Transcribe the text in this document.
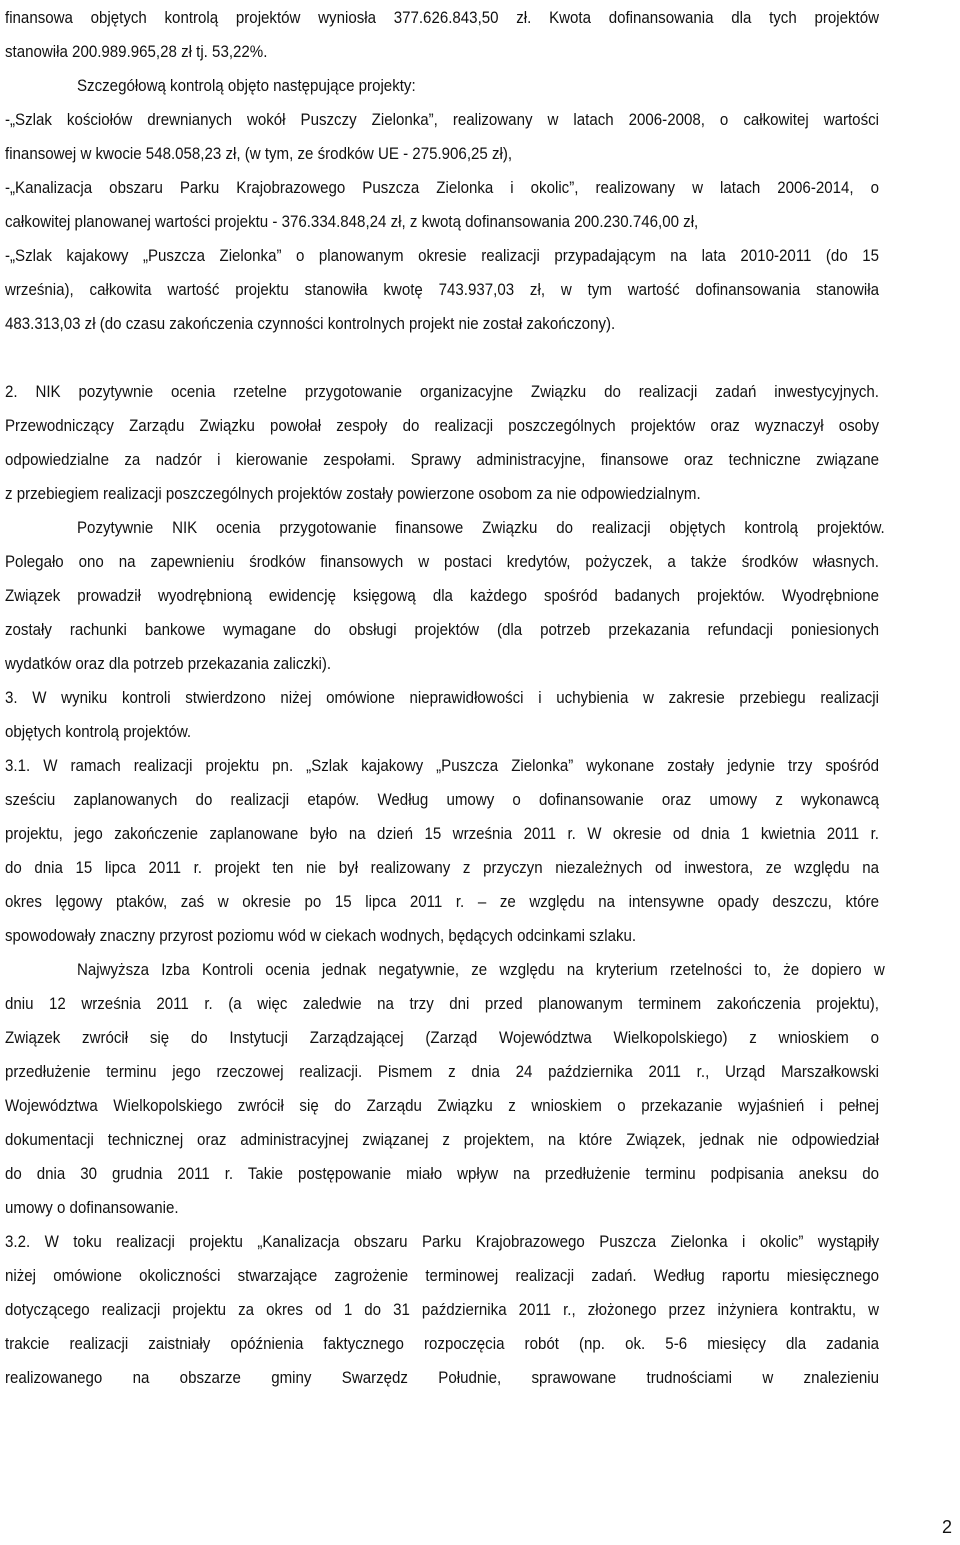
finansowa objętych kontrolą projektów wyniosła 377.626.843,50 zł. Kwota dofinansowania dla tych projektów
stanowiła 200.989.965,28 zł tj. 53,22%.
Szczegółową kontrolą objęto następujące projekty:
-„Szlak kościołów drewnianych wokół Puszczy Zielonka”, realizowany w latach 2006-2008, o całkowitej wartości
finansowej w kwocie 548.058,23 zł, (w tym, ze środków UE - 275.906,25 zł),
-„Kanalizacja obszaru Parku Krajobrazowego Puszcza Zielonka i okolic”, realizowany w latach 2006-2014, o
całkowitej planowanej wartości projektu - 376.334.848,24 zł, z kwotą dofinansowania 200.230.746,00 zł,
-„Szlak kajakowy „Puszcza Zielonka” o planowanym okresie realizacji przypadającym na lata 2010-2011 (do 15
września), całkowita wartość projektu stanowiła kwotę 743.937,03 zł, w tym wartość dofinansowania stanowiła
483.313,03 zł (do czasu zakończenia czynności kontrolnych projekt nie został zakończony).
2. NIK pozytywnie ocenia rzetelne przygotowanie organizacyjne Związku do realizacji zadań inwestycyjnych.
Przewodniczący Zarządu Związku powołał zespoły do realizacji poszczególnych projektów oraz wyznaczył osoby
odpowiedzialne za nadzór i kierowanie zespołami. Sprawy administracyjne, finansowe oraz techniczne związane
z przebiegiem realizacji poszczególnych projektów zostały powierzone osobom za nie odpowiedzialnym.
Pozytywnie NIK ocenia przygotowanie finansowe Związku do realizacji objętych kontrolą projektów.
Polegało ono na zapewnieniu środków finansowych w postaci kredytów, pożyczek, a także środków własnych.
Związek prowadził wyodrębnioną ewidencję księgową dla każdego spośród badanych projektów. Wyodrębnione
zostały rachunki bankowe wymagane do obsługi projektów (dla potrzeb przekazania refundacji poniesionych
wydatków oraz dla potrzeb przekazania zaliczki).
3. W wyniku kontroli stwierdzono niżej omówione nieprawidłowości i uchybienia w zakresie przebiegu realizacji
objętych kontrolą projektów.
3.1. W ramach realizacji projektu pn. „Szlak kajakowy „Puszcza Zielonka” wykonane zostały jedynie trzy spośród
sześciu zaplanowanych do realizacji etapów. Według umowy o dofinansowanie oraz umowy z wykonawcą
projektu, jego zakończenie zaplanowane było na dzień 15 września 2011 r. W okresie od dnia 1 kwietnia 2011 r.
do dnia 15 lipca 2011 r. projekt ten nie był realizowany z przyczyn niezależnych od inwestora, ze względu na
okres lęgowy ptaków, zaś w okresie po 15 lipca 2011 r. – ze względu na intensywne opady deszczu, które
spowodowały znaczny przyrost poziomu wód w ciekach wodnych, będących odcinkami szlaku.
Najwyższa Izba Kontroli ocenia jednak negatywnie, ze względu na kryterium rzetelności to, że dopiero w
dniu 12 września 2011 r. (a więc zaledwie na trzy dni przed planowanym terminem zakończenia projektu),
Związek zwrócił się do Instytucji Zarządzającej (Zarząd Województwa Wielkopolskiego) z wnioskiem o
przedłużenie terminu jego rzeczowej realizacji. Pismem z dnia 24 października 2011 r., Urząd Marszałkowski
Województwa Wielkopolskiego zwrócił się do Zarządu Związku z wnioskiem o przekazanie wyjaśnień i pełnej
dokumentacji technicznej oraz administracyjnej związanej z projektem, na które Związek, jednak nie odpowiedział
do dnia 30 grudnia 2011 r. Takie postępowanie miało wpływ na przedłużenie terminu podpisania aneksu do
umowy o dofinansowanie.
3.2. W toku realizacji projektu „Kanalizacja obszaru Parku Krajobrazowego Puszcza Zielonka i okolic” wystąpiły
niżej omówione okoliczności stwarzające zagrożenie terminowej realizacji zadań. Według raportu miesięcznego
dotyczącego realizacji projektu za okres od 1 do 31 października 2011 r., złożonego przez inżyniera kontraktu, w
trakcie realizacji zaistniały opóźnienia faktycznego rozpoczęcia robót (np. ok. 5-6 miesięcy dla zadania
realizowanego na obszarze gminy Swarzędz Południe, sprawowane trudnościami w znalezieniu
2
